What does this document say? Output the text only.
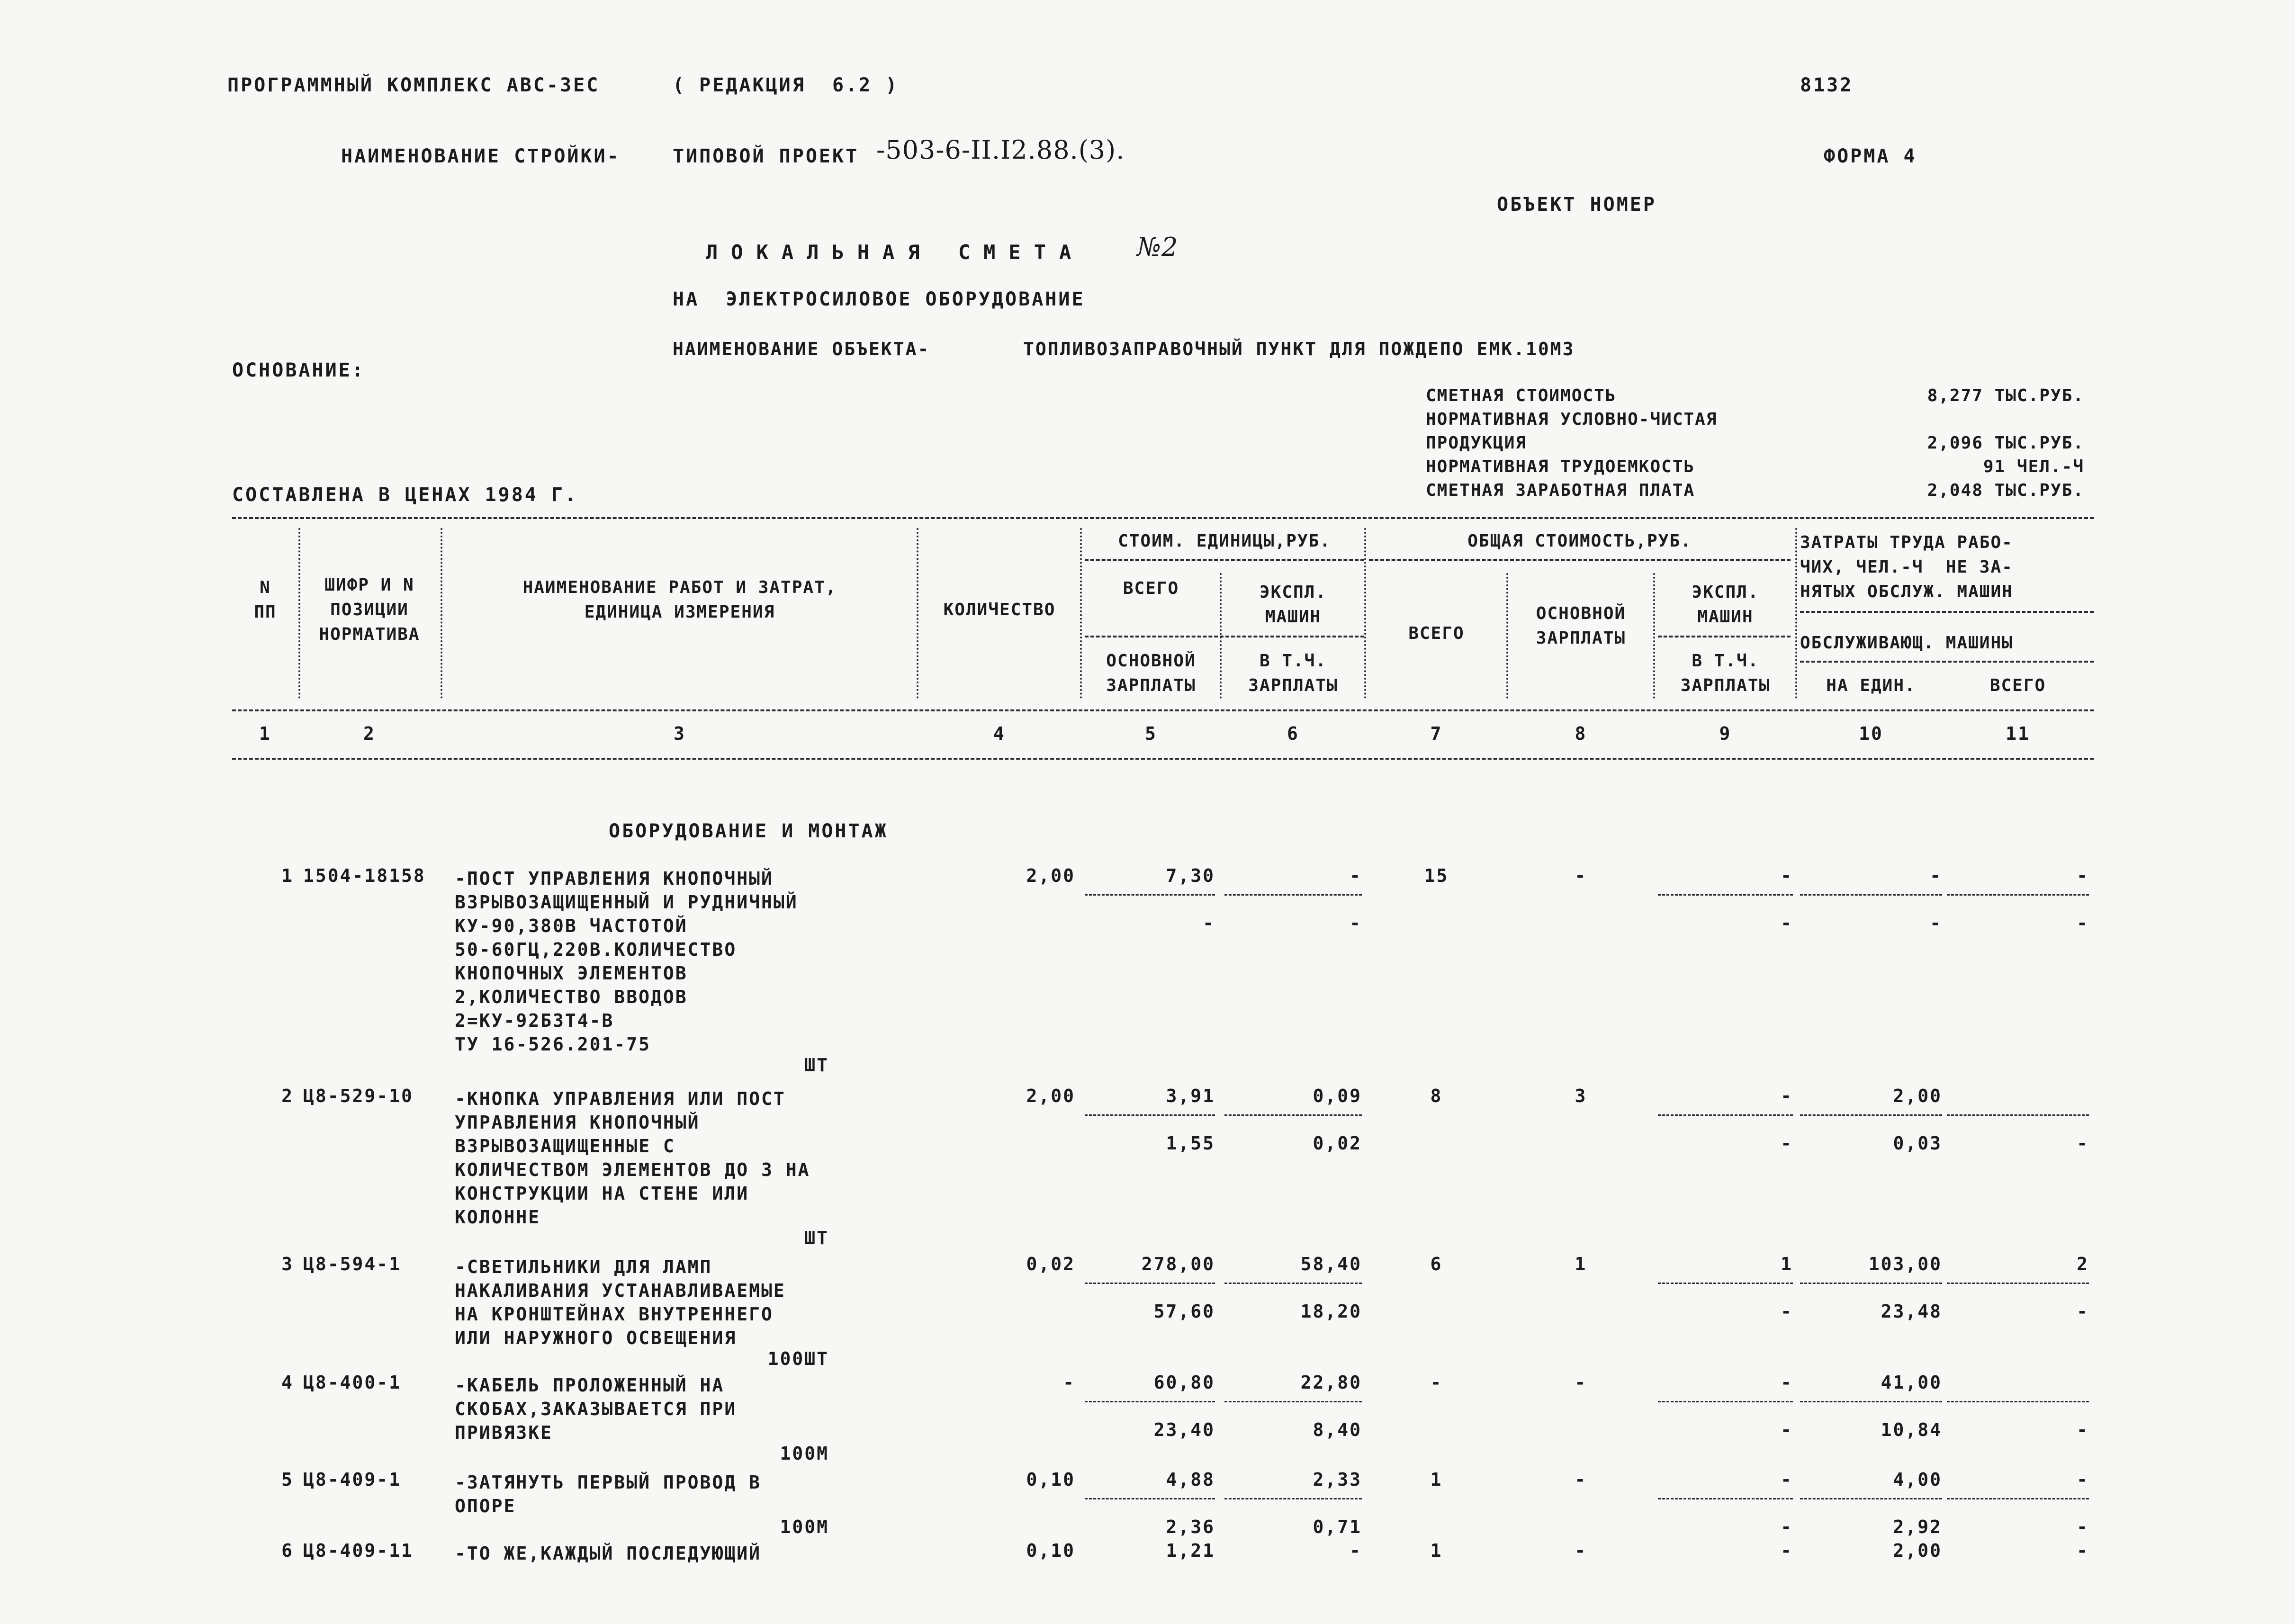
ПРОГРАММНЫЙ КОМПЛЕКС АВС-3ЕС	( РЕДАКЦИЯ  6.2 )	8132
НАИМЕНОВАНИЕ СТРОЙКИ-	ТИПОВОЙ ПРОЕКТ -503-6-II.I2.88.(3).	ФОРМА 4
ОБЪЕКТ НОМЕР
ЛОКАЛЬНАЯ СМЕТА №2
НА  ЭЛЕКТРОСИЛОВОЕ ОБОРУДОВАНИЕ
НАИМЕНОВАНИЕ ОБЪЕКТА-	ТОПЛИВОЗАПРАВОЧНЫЙ ПУНКТ ДЛЯ ПОЖДЕПО ЕМК.10М3
ОСНОВАНИЕ:
СМЕТНАЯ СТОИМОСТЬ	8,277 ТЫС.РУБ.
НОРМАТИВНАЯ УСЛОВНО-ЧИСТАЯ
ПРОДУКЦИЯ	2,096 ТЫС.РУБ.
НОРМАТИВНАЯ ТРУДОЕМКОСТЬ	91 ЧЕЛ.-Ч
СМЕТНАЯ ЗАРАБОТНАЯ ПЛАТА	2,048 ТЫС.РУБ.
СОСТАВЛЕНА В ЦЕНАХ 1984 Г.
N
ПП
ШИФР И N
ПОЗИЦИИ
НОРМАТИВА
НАИМЕНОВАНИЕ РАБОТ И ЗАТРАТ,
ЕДИНИЦА ИЗМЕРЕНИЯ	КОЛИЧЕСТВО
СТОИМ. ЕДИНИЦЫ,РУБ.
ВСЕГО	ЭКСПЛ.
МАШИН
ОСНОВНОЙ
ЗАРПЛАТЫ
В Т.Ч.
ЗАРПЛАТЫ
ОБЩАЯ СТОИМОСТЬ,РУБ.
ВСЕГО
ОСНОВНОЙ
ЗАРПЛАТЫ
ЭКСПЛ.
МАШИН
В Т.Ч.
ЗАРПЛАТЫ
ЗАТРАТЫ ТРУДА РАБО-
ЧИХ, ЧЕЛ.-Ч  НЕ ЗА-
НЯТЫХ ОБСЛУЖ. МАШИН
ОБСЛУЖИВАЮЩ. МАШИНЫ
НА ЕДИН.	ВСЕГО
1	2	3	4	5	6	7	8	9	10	11
ОБОРУДОВАНИЕ И МОНТАЖ
1 1504-18158 -ПОСТ УПРАВЛЕНИЯ КНОПОЧНЫЙ
ВЗРЫВОЗАЩИЩЕННЫЙ И РУДНИЧНЫЙ
КУ-90,380В ЧАСТОТОЙ
50-60ГЦ,220В.КОЛИЧЕСТВО
КНОПОЧНЫХ ЭЛЕМЕНТОВ
2,КОЛИЧЕСТВО ВВОДОВ
2=КУ-92Б3Т4-В
ТУ 16-526.201-75
ШТ
2,00	7,30	-	15	-	-	-	-
-	-	-	-	-
2 Ц8-529-10 -КНОПКА УПРАВЛЕНИЯ ИЛИ ПОСТ
УПРАВЛЕНИЯ КНОПОЧНЫЙ
ВЗРЫВОЗАЩИЩЕННЫЕ С
КОЛИЧЕСТВОМ ЭЛЕМЕНТОВ ДО 3 НА
КОНСТРУКЦИИ НА СТЕНЕ ИЛИ
КОЛОННЕ
ШТ
2,00	3,91	0,09	8	3	-	2,00
1,55	0,02	-	0,03	-
3 Ц8-594-1	-СВЕТИЛЬНИКИ ДЛЯ ЛАМП
НАКАЛИВАНИЯ УСТАНАВЛИВАЕМЫЕ
НА КРОНШТЕЙНАХ ВНУТРЕННЕГО
ИЛИ НАРУЖНОГО ОСВЕЩЕНИЯ
100ШТ
0,02	278,00	58,40	6	1	1	103,00	2
57,60	18,20	-	23,48	-
4 Ц8-400-1	-КАБЕЛЬ ПРОЛОЖЕННЫЙ НА
СКОБАХ,ЗАКАЗЫВАЕТСЯ ПРИ
ПРИВЯЗКЕ
100М
-	60,80	22,80	-	-	-	41,00
23,40	8,40	-	10,84	-
5 Ц8-409-1	-ЗАТЯНУТЬ ПЕРВЫЙ ПРОВОД В
ОПОРЕ
100М
0,10	4,88	2,33	1	-	-	4,00	-
2,36	0,71	-	2,92	-
6 Ц8-409-11 -ТО ЖЕ,КАЖДЫЙ ПОСЛЕДУЮЩИЙ	0,10	1,21	-	1	-	-	2,00	-
